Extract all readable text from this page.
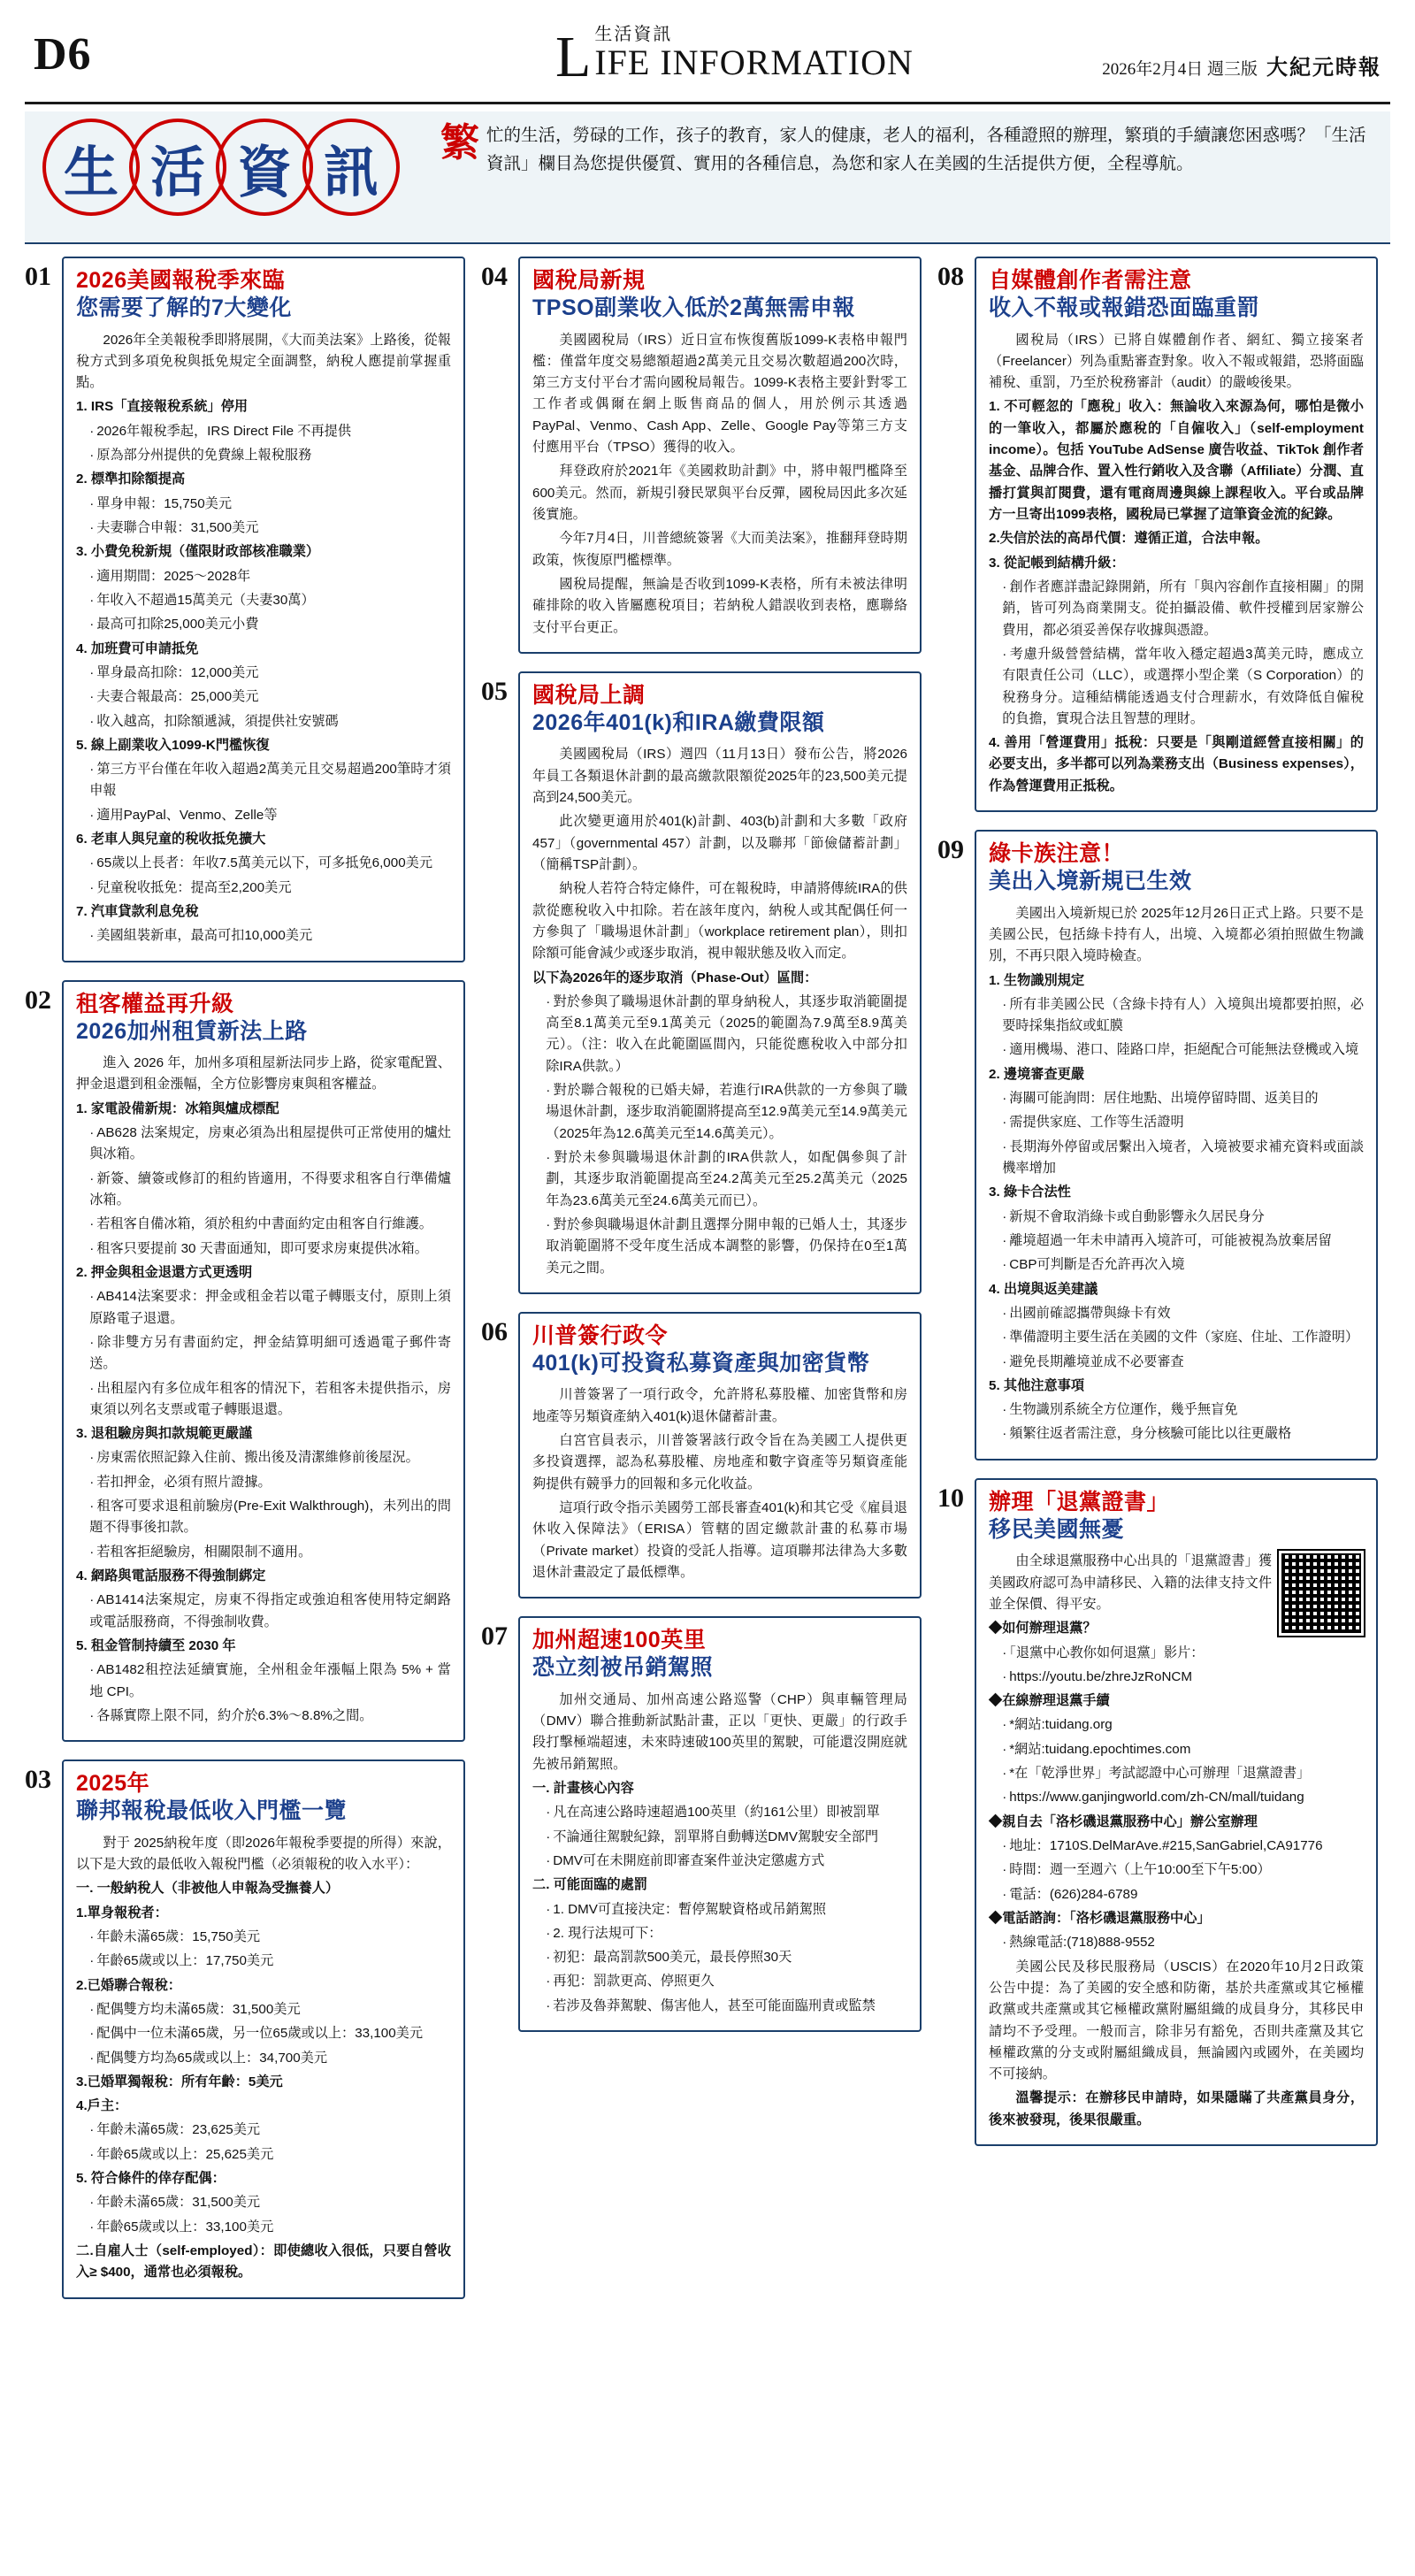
D6	L 生活資訊
IFE INFORMATION	2026年2月4日 週三版 大紀元時報
生 活 資 訊	繁忙的生活，勞碌的工作，孩子的教育，家人的健康，老人的福利，各種證照的辦理，繁瑣的手續讓您困惑嗎？「生活資訊」欄目為您提供優質、實用的各種信息，為您和家人在美國的生活提供方便，全程導航。
01 2026美國報稅季來臨
您需要了解的7大變化

2026年全美報稅季即將展開，《大而美法案》上路後，從報稅方式到多項免稅與抵免規定全面調整，納稅人應提前掌握重點。

1. IRS「直接報稅系統」停用

· 2026年報稅季起，IRS Direct File 不再提供

· 原為部分州提供的免費線上報稅服務

2. 標準扣除額提高

· 單身申報：15,750美元

· 夫妻聯合申報：31,500美元

3. 小費免稅新規（僅限財政部核准職業）

· 適用期間：2025～2028年

· 年收入不超過15萬美元（夫妻30萬）

· 最高可扣除25,000美元小費

4. 加班費可申請抵免

· 單身最高扣除：12,000美元

· 夫妻合報最高：25,000美元

· 收入越高，扣除額遞減，須提供社安號碼

5. 線上副業收入1099-K門檻恢復

· 第三方平台僅在年收入超過2萬美元且交易超過200筆時才須申報

· 適用PayPal、Venmo、Zelle等

6. 老車人與兒童的稅收抵免擴大

· 65歲以上長者：年收7.5萬美元以下，可多抵免6,000美元

· 兒童稅收抵免：提高至2,200美元

7. 汽車貸款利息免稅

· 美國組裝新車，最高可扣10,000美元

02 租客權益再升級
2026加州租賃新法上路

進入 2026 年，加州多項租屋新法同步上路，從家電配置、押金退還到租金漲幅，全方位影響房東與租客權益。

1. 家電設備新規：冰箱與爐成標配

· AB628 法案規定，房東必須為出租屋提供可正常使用的爐灶與冰箱。

· 新簽、續簽或修訂的租約皆適用，不得要求租客自行準備爐冰箱。

· 若租客自備冰箱，須於租約中書面約定由租客自行維護。

· 租客只要提前 30 天書面通知，即可要求房東提供冰箱。

2. 押金與租金退還方式更透明

· AB414法案要求：押金或租金若以電子轉賬支付，原則上須原路電子退還。

· 除非雙方另有書面約定，押金結算明細可透過電子郵件寄送。

· 出租屋內有多位成年租客的情況下，若租客未提供指示，房東須以列名支票或電子轉賬退還。

3. 退租驗房與扣款規範更嚴謹

· 房東需依照記錄入住前、搬出後及清潔維修前後屋況。

· 若扣押金，必須有照片證據。

· 租客可要求退租前驗房(Pre-Exit Walkthrough)，未列出的問題不得事後扣款。

· 若租客拒絕驗房，相關限制不適用。

4. 網路與電話服務不得強制綁定

· AB1414法案規定，房東不得指定或強迫租客使用特定網路或電話服務商，不得強制收費。

5. 租金管制持續至 2030 年

· AB1482租控法延續實施，全州租金年漲幅上限為 5% + 當地 CPI。

· 各縣實際上限不同，約介於6.3%～8.8%之間。

03 2025年
聯邦報稅最低收入門檻一覽

對于 2025納稅年度（即2026年報稅季要提的所得）來說，以下是大致的最低收入報稅門檻（必須報稅的收入水平）：

一. 一般納稅人（非被他人申報為受撫養人）

1.單身報稅者：

· 年齡未滿65歲：15,750美元

· 年齡65歲或以上：17,750美元

2.已婚聯合報稅：

· 配偶雙方均未滿65歲：31,500美元

· 配偶中一位未滿65歲，另一位65歲或以上：33,100美元

· 配偶雙方均為65歲或以上：34,700美元

3.已婚單獨報稅：所有年齡：5美元

4.戶主：

· 年齡未滿65歲：23,625美元

· 年齡65歲或以上：25,625美元

5. 符合條件的倖存配偶：

· 年齡未滿65歲：31,500美元

· 年齡65歲或以上：33,100美元

二.自雇人士（self-employed）：即使總收入很低，只要自營收入≥ $400，通常也必須報稅。

04 國稅局新規
TPSO副業收入低於2萬無需申報

美國國稅局（IRS）近日宣布恢復舊版1099-K表格申報門檻：僅當年度交易總額超過2萬美元且交易次數超過200次時，第三方支付平台才需向國稅局報告。1099-K表格主要針對零工工作者或偶爾在網上販售商品的個人，用於例示其透過PayPal、Venmo、Cash App、Zelle、Google Pay等第三方支付應用平台（TPSO）獲得的收入。

拜登政府於2021年《美國救助計劃》中，將申報門檻降至600美元。然而，新規引發民眾與平台反彈，國稅局因此多次延後實施。

今年7月4日，川普總統簽署《大而美法案》，推翻拜登時期政策，恢復原門檻標準。

國稅局提醒，無論是否收到1099-K表格，所有未被法律明確排除的收入皆屬應稅項目；若納稅人錯誤收到表格，應聯絡支付平台更正。

05 國稅局上調
2026年401(k)和IRA繳費限額

美國國稅局（IRS）週四（11月13日）發布公告，將2026年員工各類退休計劃的最高繳款限額從2025年的23,500美元提高到24,500美元。

此次變更適用於401(k)計劃、403(b)計劃和大多數「政府457」（governmental 457）計劃，以及聯邦「節儉儲蓄計劃」（簡稱TSP計劃）。

納稅人若符合特定條件，可在報稅時，申請將傳統IRA的供款從應稅收入中扣除。若在該年度內，納稅人或其配偶任何一方參與了「職場退休計劃」（workplace retirement plan），則扣除額可能會減少或逐步取消，視申報狀態及收入而定。

以下為2026年的逐步取消（Phase-Out）區間：

· 對於參與了職場退休計劃的單身納稅人，其逐步取消範圍提高至8.1萬美元至9.1萬美元（2025的範圍為7.9萬至8.9萬美元）。（注：收入在此範圍區間內，只能從應稅收入中部分扣除IRA供款。）

· 對於聯合報稅的已婚夫婦，若進行IRA供款的一方參與了職場退休計劃，逐步取消範圍將提高至12.9萬美元至14.9萬美元（2025年為12.6萬美元至14.6萬美元）。

· 對於未參與職場退休計劃的IRA供款人，如配偶參與了計劃，其逐步取消範圍提高至24.2萬美元至25.2萬美元（2025年為23.6萬美元至24.6萬美元而已）。

· 對於參與職場退休計劃且選擇分開申報的已婚人士，其逐步取消範圍將不受年度生活成本調整的影響，仍保持在0至1萬美元之間。

06 川普簽行政令
401(k)可投資私募資產與加密貨幣

川普簽署了一項行政令，允許將私募股權、加密貨幣和房地產等另類資產納入401(k)退休儲蓄計畫。

白宮官員表示，川普簽署該行政令旨在為美國工人提供更多投資選擇，認為私募股權、房地產和數字資產等另類資產能夠提供有競爭力的回報和多元化收益。

這項行政令指示美國勞工部長審查401(k)和其它受《雇員退休收入保障法》（ERISA）管轄的固定繳款計畫的私募市場（Private market）投資的受託人指導。這項聯邦法律為大多數退休計畫設定了最低標準。

07 加州超速100英里
恐立刻被吊銷駕照

加州交通局、加州高速公路巡警（CHP）與車輛管理局（DMV）聯合推動新試點計畫，正以「更快、更嚴」的行政手段打擊極端超速，未來時速破100英里的駕駛，可能還沒開庭就先被吊銷駕照。

一. 計畫核心內容

· 凡在高速公路時速超過100英里（約161公里）即被罰單

· 不論通往駕駛紀錄，罰單將自動轉送DMV駕駛安全部門

· DMV可在未開庭前即審查案件並決定懲處方式

二. 可能面臨的處罰

· 1. DMV可直接決定：暫停駕駛資格或吊銷駕照

· 2. 現行法規可下：

· 初犯：最高罰款500美元，最長停照30天

· 再犯：罰款更高、停照更久

· 若涉及魯莽駕駛、傷害他人，甚至可能面臨刑責或監禁

08 自媒體創作者需注意
收入不報或報錯恐面臨重罰

國稅局（IRS）已將自媒體創作者、網紅、獨立接案者（Freelancer）列為重點審查對象。收入不報或報錯，恐將面臨補稅、重罰，乃至於稅務審計（audit）的嚴峻後果。

1. 不可輕忽的「應稅」收入：無論收入來源為何，哪怕是微小的一筆收入，都屬於應稅的「自僱收入」（self-employment income）。包括 YouTube AdSense 廣告收益、TikTok 創作者基金、品牌合作、置入性行銷收入及含聯（Affiliate）分潤、直播打賞與訂閱費，還有電商周邊與線上課程收入。平台或品牌方一旦寄出1099表格，國稅局已掌握了這筆資金流的紀錄。

2.失信於法的高昂代價：遵循正道，合法申報。

3. 從記帳到結構升級：

· 創作者應詳盡記錄開銷，所有「與內容創作直接相關」的開銷，皆可列為商業開支。從拍攝設備、軟件授權到居家辦公費用，都必須妥善保存收據與憑證。

· 考慮升級營營結構，當年收入穩定超過3萬美元時，應成立有限責任公司（LLC），或選擇小型企業（S Corporation）的稅務身分。這種結構能透過支付合理薪水，有效降低自僱稅的負擔，實現合法且智慧的理財。

4. 善用「營運費用」抵稅：只要是「與剛道經營直接相關」的必要支出，多半都可以列為業務支出（Business expenses），作為營運費用正抵稅。

09 綠卡族注意！
美出入境新規已生效

美國出入境新規已於 2025年12月26日正式上路。只要不是美國公民，包括綠卡持有人，出境、入境都必須拍照做生物識別，不再只限入境時檢查。

1. 生物識別規定

· 所有非美國公民（含綠卡持有人）入境與出境都要拍照，必要時採集指紋或虹膜

· 適用機場、港口、陸路口岸，拒絕配合可能無法登機或入境

2. 邊境審查更嚴

· 海關可能詢問：居住地點、出境停留時間、返美目的

· 需提供家庭、工作等生活證明

· 長期海外停留或居繫出入境者，入境被要求補充資料或面談機率增加

3. 綠卡合法性

· 新規不會取消綠卡或自動影響永久居民身分

· 離境超過一年未申請再入境許可，可能被視為放棄居留

· CBP可判斷是否允許再次入境

4. 出境與返美建議

· 出國前確認攜帶與綠卡有效

· 準備證明主要生活在美國的文件（家庭、住址、工作證明）

· 避免長期離境並成不必要審查

5. 其他注意事項

· 生物識別系統全方位運作，幾乎無盲免

· 頻繁往返者需注意，身分核驗可能比以往更嚴格

10 辦理「退黨證書」
移民美國無憂

由全球退黨服務中心出具的「退黨證書」獲美國政府認可為申請移民、入籍的法律支持文件並全保價、得平安。

◆如何辦理退黨？

· 「退黨中心教你如何退黨」影片：

· https://youtu.be/zhreJzRoNCM

◆在線辦理退黨手續

· *網站:tuidang.org

· *網站:tuidang.epochtimes.com

· *在「乾淨世界」考試認證中心可辦理「退黨證書」

· https://www.ganjingworld.com/zh-CN/mall/tuidang

◆親自去「洛杉磯退黨服務中心」辦公室辦理

· 地址：1710S.DelMarAve.#215,SanGabriel,CA91776

· 時間：週一至週六（上午10:00至下午5:00）

· 電話：(626)284-6789

◆電話諮詢：「洛杉磯退黨服務中心」

· 熱線電話:(718)888-9552

美國公民及移民服務局（USCIS）在2020年10月2日政策公告中提：為了美國的安全感和防衛，基於共產黨或其它極權政黨或共產黨或其它極權政黨附屬組織的成員身分，其移民申請均不予受理。一般而言，除非另有豁免，否則共產黨及其它極權政黨的分支或附屬組織成員，無論國內或國外，在美國均不可接納。

溫馨提示：在辦移民申請時，如果隱瞞了共產黨員身分，後來被發現，後果很嚴重。
